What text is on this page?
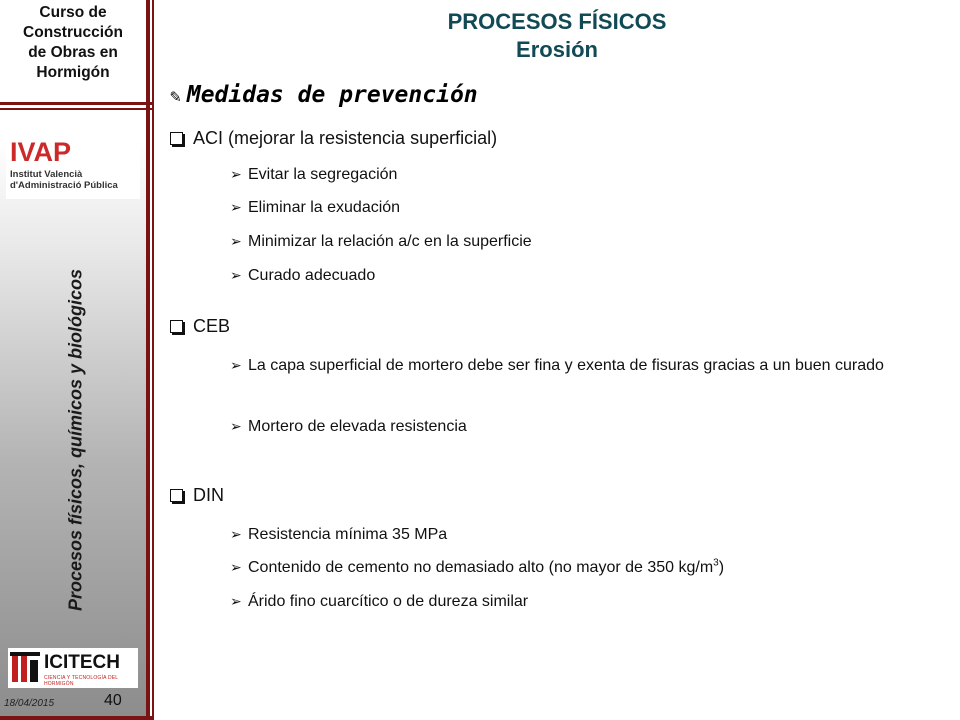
Curso de
Construcción
de Obras en
Hormigón
IVAP
Institut Valencià
d'Administració Pública
Procesos físicos, químicos y biológicos
ICITECH
CIENCIA Y TECNOLOGÍA DEL HORMIGÓN
18/04/2015	40
PROCESOS FÍSICOS
Erosión
✎ Medidas de prevención
ACI (mejorar la resistencia superficial)
➢ Evitar la segregación
➢ Eliminar la exudación
➢ Minimizar la relación a/c en la superficie
➢ Curado adecuado
CEB
➢ La capa superficial de mortero debe ser fina y exenta de fisuras gracias a un buen curado
➢ Mortero de elevada resistencia
DIN
➢ Resistencia mínima 35 MPa
➢ Contenido de cemento no demasiado alto (no mayor de 350 $kg/m^3$)
➢ Árido fino cuarcítico o de dureza similar
